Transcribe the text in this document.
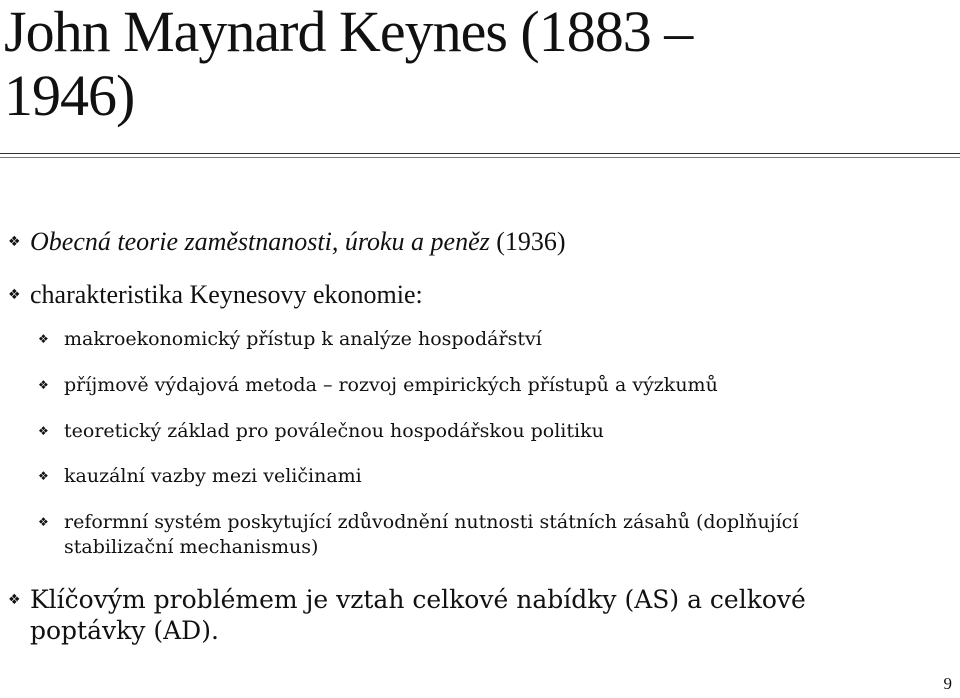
John Maynard Keynes (1883 –
1946)
❖ Obecná teorie zaměstnanosti, úroku a peněz (1936)
❖ charakteristika Keynesovy ekonomie:
❖ makroekonomický přístup k analýze hospodářství
❖ příjmově výdajová metoda – rozvoj empirických přístupů a výzkumů
❖ teoretický základ pro poválečnou hospodářskou politiku
❖ kauzální vazby mezi veličinami
❖ reformní systém poskytující zdůvodnění nutnosti státních zásahů (doplňující
stabilizační mechanismus)
❖ Klíčovým problémem je vztah celkové nabídky (AS) a celkové
poptávky (AD).
9
